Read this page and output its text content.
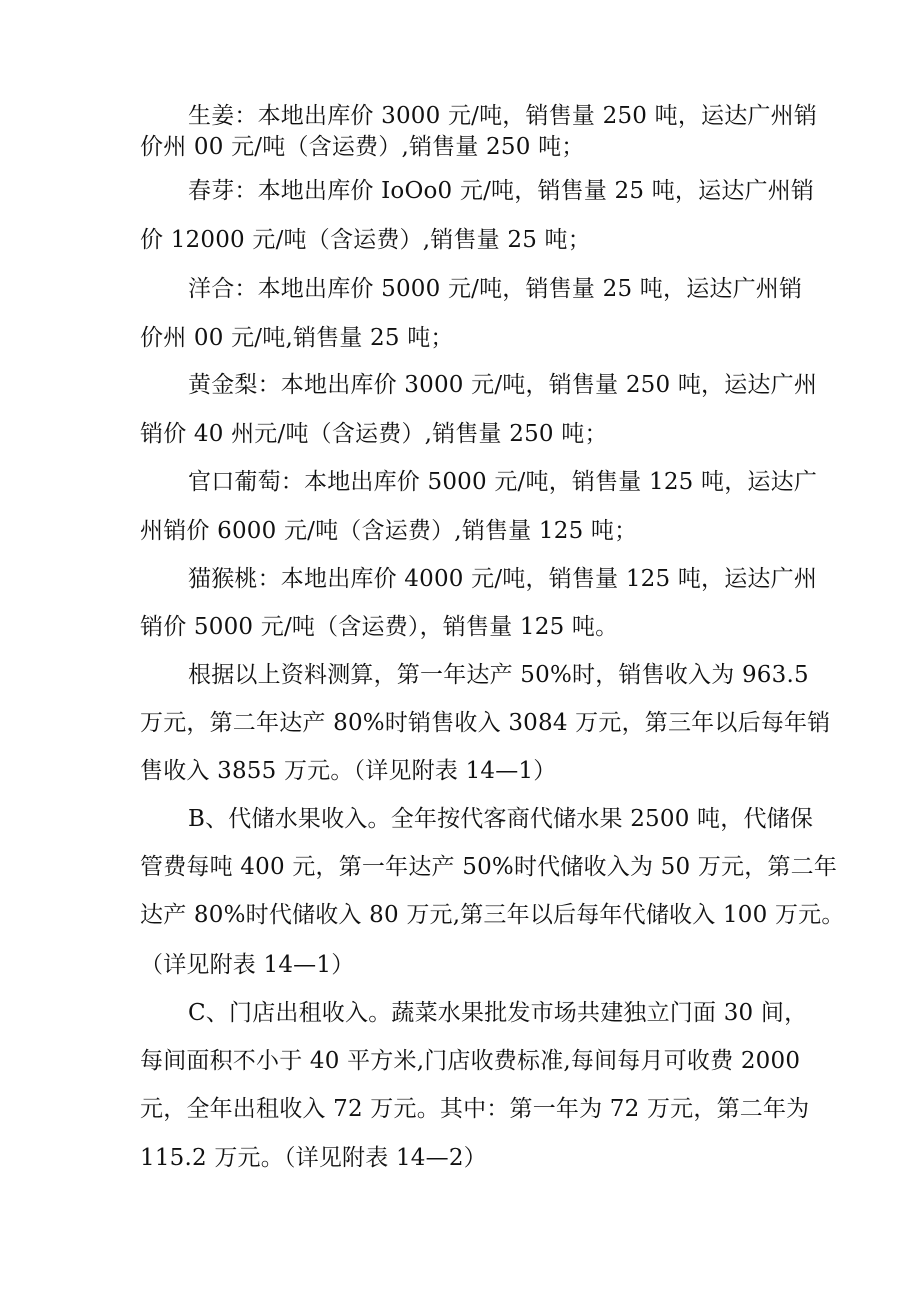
生姜：本地出库价 3000 元/吨，销售量 250 吨，运达广州销

价州 00 元/吨（含运费）,销售量 250 吨；

春芽：本地出库价 IoOo0 元/吨，销售量 25 吨，运达广州销

价 12000 元/吨（含运费）,销售量 25 吨；

洋合：本地出库价 5000 元/吨，销售量 25 吨，运达广州销

价州 00 元/吨,销售量 25 吨；

黄金梨：本地出库价 3000 元/吨，销售量 250 吨，运达广州

销价 40 州元/吨（含运费）,销售量 250 吨；

官口葡萄：本地出库价 5000 元/吨，销售量 125 吨，运达广

州销价 6000 元/吨（含运费）,销售量 125 吨；

猫猴桃：本地出库价 4000 元/吨，销售量 125 吨，运达广州

销价 5000 元/吨（含运费），销售量 125 吨。

根据以上资料测算，第一年达产 50%时，销售收入为 963.5

万元，第二年达产 80%时销售收入 3084 万元，第三年以后每年销

售收入 3855 万元。（详见附表 14—1）

B、代储水果收入。全年按代客商代储水果 2500 吨，代储保

管费每吨 400 元，第一年达产 50%时代储收入为 50 万元，第二年

达产 80%时代储收入 80 万元,第三年以后每年代储收入 100 万元。

（详见附表 14—1）

C、门店出租收入。蔬菜水果批发市场共建独立门面 30 间，

每间面积不小于 40 平方米,门店收费标准,每间每月可收费 2000

元，全年出租收入 72 万元。其中：第一年为 72 万元，第二年为

115.2 万元。（详见附表 14—2）
